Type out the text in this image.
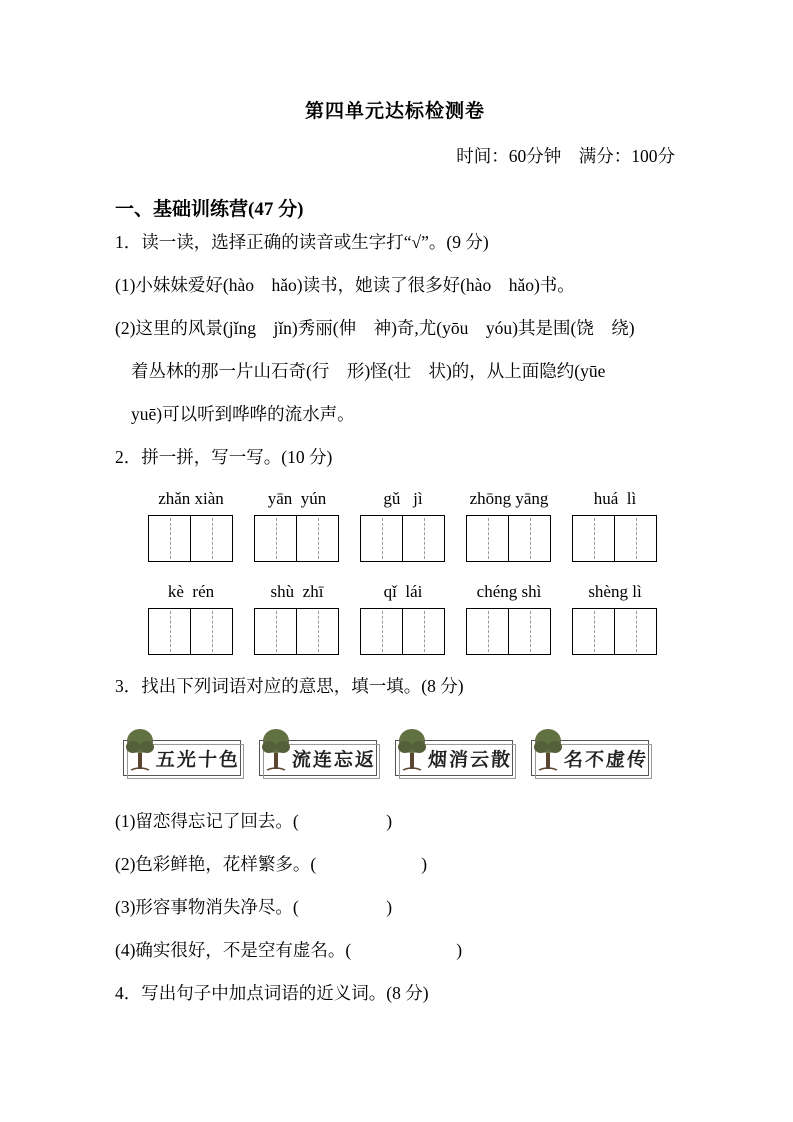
第四单元达标检测卷
时间：60分钟　满分：100分
一、基础训练营(47 分)

1．读一读，选择正确的读音或生字打“√”。(9 分)

(1)小妹妹爱好(hào　hǎo)读书，她读了很多好(hào　hǎo)书。

(2)这里的风景(jǐng　jǐn)秀丽(伸　神)奇,尤(yōu　yóu)其是围(饶　绕)

着丛林的那一片山石奇(行　形)怪(壮　状)的，从上面隐约(yūe

yuē)可以听到哗哗的流水声。

2．拼一拼，写一写。(10 分)

zhǎn xiàn	yān  yún	gǔ   jì	zhōng yāng	huá  lì
kè  rén	shù  zhī	qǐ  lái	chéng shì	shèng lì

3．找出下列词语对应的意思，填一填。(8 分)

五光十色	流连忘返	烟消云散	名不虚传

(1)留恋得忘记了回去。(　　　　　)

(2)色彩鲜艳，花样繁多。(　　　　　　)

(3)形容事物消失净尽。(　　　　　)

(4)确实很好，不是空有虚名。(　　　　　　)

4．写出句子中加点词语的近义词。(8 分)
